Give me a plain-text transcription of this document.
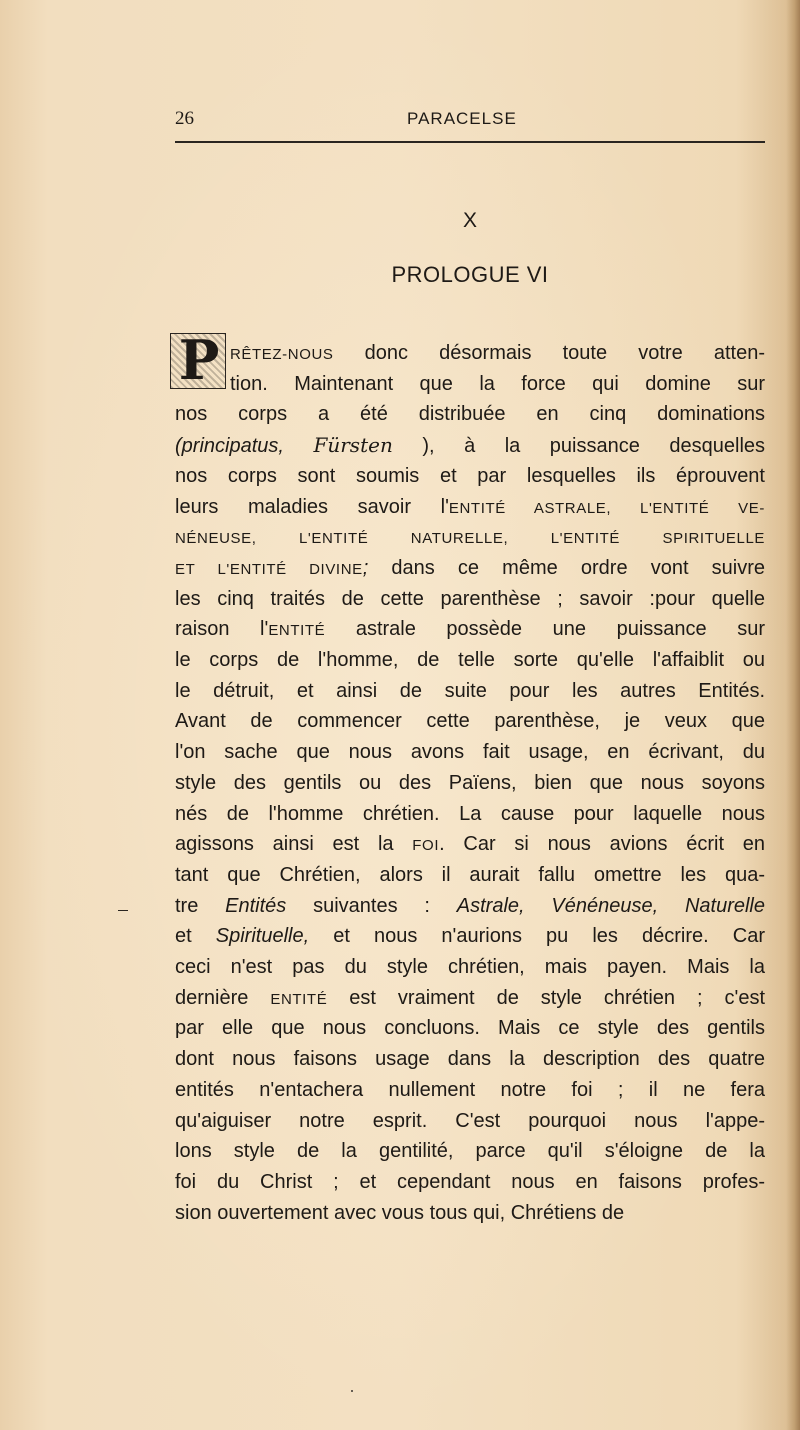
26	PARACELSE
X
PROLOGUE VI
P RÊTEZ-NOUS donc désormais toute votre atten-
tion. Maintenant que la force qui domine sur
nos corps a été distribuée en cinq dominations
(principatus, Fürsten ), à la puissance desquelles
nos corps sont soumis et par lesquelles ils éprouvent
leurs maladies savoir l'ENTITÉ ASTRALE, L'ENTITÉ VE-
NÉNEUSE, L'ENTITÉ NATURELLE, L'ENTITÉ SPIRITUELLE
ET L'ENTITÉ DIVINE; dans ce même ordre vont suivre
les cinq traités de cette parenthèse ; savoir :pour quelle
raison l'ENTITÉ astrale possède une puissance sur
le corps de l'homme, de telle sorte qu'elle l'affaiblit ou
le détruit, et ainsi de suite pour les autres Entités.
Avant de commencer cette parenthèse, je veux que
l'on sache que nous avons fait usage, en écrivant, du
style des gentils ou des Païens, bien que nous soyons
nés de l'homme chrétien. La cause pour laquelle nous
agissons ainsi est la FOI. Car si nous avions écrit en
tant que Chrétien, alors il aurait fallu omettre les qua-
tre Entités suivantes : Astrale, Vénéneuse, Naturelle
et Spirituelle, et nous n'aurions pu les décrire. Car
ceci n'est pas du style chrétien, mais payen. Mais la
dernière ENTITÉ est vraiment de style chrétien ; c'est
par elle que nous concluons. Mais ce style des gentils
dont nous faisons usage dans la description des quatre
entités n'entachera nullement notre foi ; il ne fera
qu'aiguiser notre esprit. C'est pourquoi nous l'appe-
lons style de la gentilité, parce qu'il s'éloigne de la
foi du Christ ; et cependant nous en faisons profes-
sion ouvertement avec vous tous qui, Chrétiens de
